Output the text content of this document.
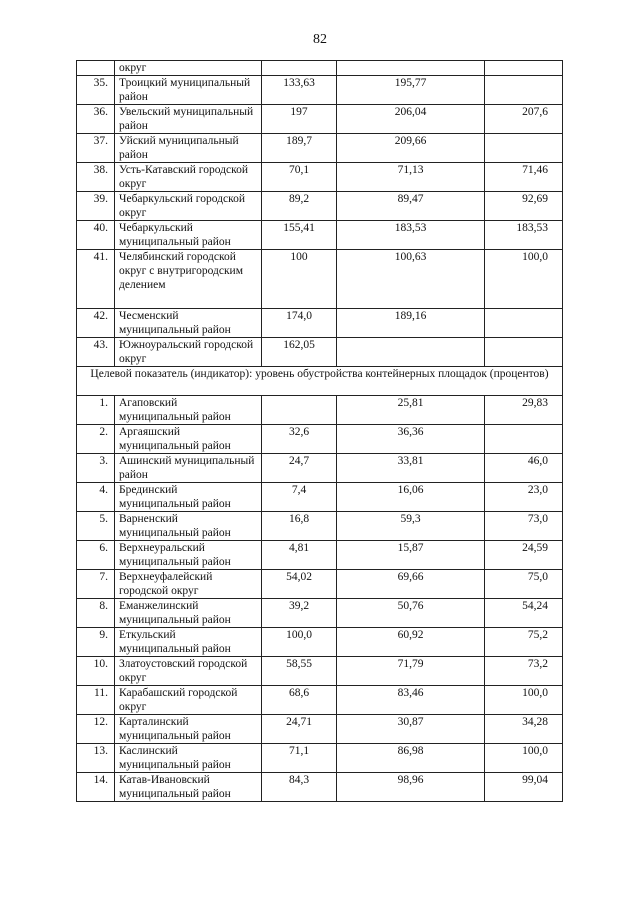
82
	округ			
35.	Троицкий муниципальный район	133,63	195,77	
36.	Увельский муниципальный район	197	206,04	207,6
37.	Уйский муниципальный район	189,7	209,66	
38.	Усть-Катавский городской округ	70,1	71,13	71,46
39.	Чебаркульский городской округ	89,2	89,47	92,69
40.	Чебаркульский муниципальный район	155,41	183,53	183,53
41.	Челябинский городской округ с внутригородским делением	100	100,63	100,0
42.	Чесменский муниципальный район	174,0	189,16	
43.	Южноуральский городской округ	162,05		
Целевой показатель (индикатор): уровень обустройства контейнерных площадок (процентов)				
1.	Агаповский муниципальный район		25,81	29,83
2.	Аргаяшский муниципальный район	32,6	36,36	
3.	Ашинский муниципальный район	24,7	33,81	46,0
4.	Брединский муниципальный район	7,4	16,06	23,0
5.	Варненский муниципальный район	16,8	59,3	73,0
6.	Верхнеуральский муниципальный район	4,81	15,87	24,59
7.	Верхнеуфалейский городской округ	54,02	69,66	75,0
8.	Еманжелинский муниципальный район	39,2	50,76	54,24
9.	Еткульский муниципальный район	100,0	60,92	75,2
10.	Златоустовский городской округ	58,55	71,79	73,2
11.	Карабашский городской округ	68,6	83,46	100,0
12.	Карталинский муниципальный район	24,71	30,87	34,28
13.	Каслинский муниципальный район	71,1	86,98	100,0
14.	Катав-Ивановский муниципальный район	84,3	98,96	99,04
